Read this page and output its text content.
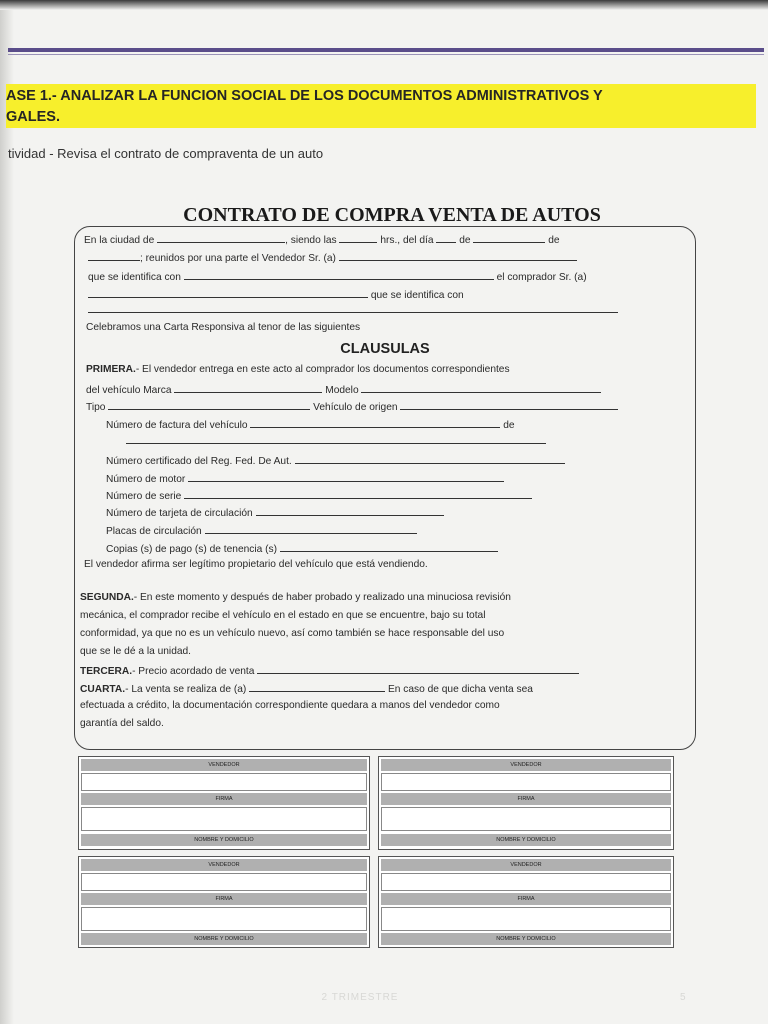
ASE 1.- ANALIZAR LA FUNCION SOCIAL DE LOS DOCUMENTOS ADMINISTRATIVOS Y
GALES.
tividad - Revisa el contrato de compraventa de un auto
CONTRATO DE COMPRA VENTA DE AUTOS
En la ciudad de	, siendo las	hrs., del día	de	de
; reunidos por una parte el Vendedor Sr. (a)
que se identifica con	el comprador Sr. (a)
que se identifica con
Celebramos una Carta Responsiva al tenor de las siguientes
CLAUSULAS
PRIMERA.- El vendedor entrega en este acto al comprador los documentos correspondientes
del vehículo Marca	Modelo
Tipo	Vehículo de origen
Número de factura del vehículo	de
Número certificado del Reg. Fed. De Aut.
Número de motor
Número de serie
Número de tarjeta de circulación
Placas de circulación
Copias (s) de pago (s) de tenencia (s)
El vendedor afirma ser legítimo propietario del vehículo que está vendiendo.
SEGUNDA.- En este momento y después de haber probado y realizado una minuciosa revisión
mecánica, el comprador recibe el vehículo en el estado en que se encuentre, bajo su total
conformidad, ya que no es un vehículo nuevo, así como también se hace responsable del uso
que se le dé a la unidad.
TERCERA.- Precio acordado de venta
CUARTA.- La venta se realiza de (a)	En caso de que dicha venta sea
efectuada a crédito, la documentación correspondiente quedara a manos del vendedor como
garantía del saldo.
VENDEDOR
FIRMA
NOMBRE Y DOMICILIO
VENDEDOR
FIRMA
NOMBRE Y DOMICILIO
VENDEDOR
FIRMA
NOMBRE Y DOMICILIO
VENDEDOR
FIRMA
NOMBRE Y DOMICILIO
2 TRIMESTRE	5
